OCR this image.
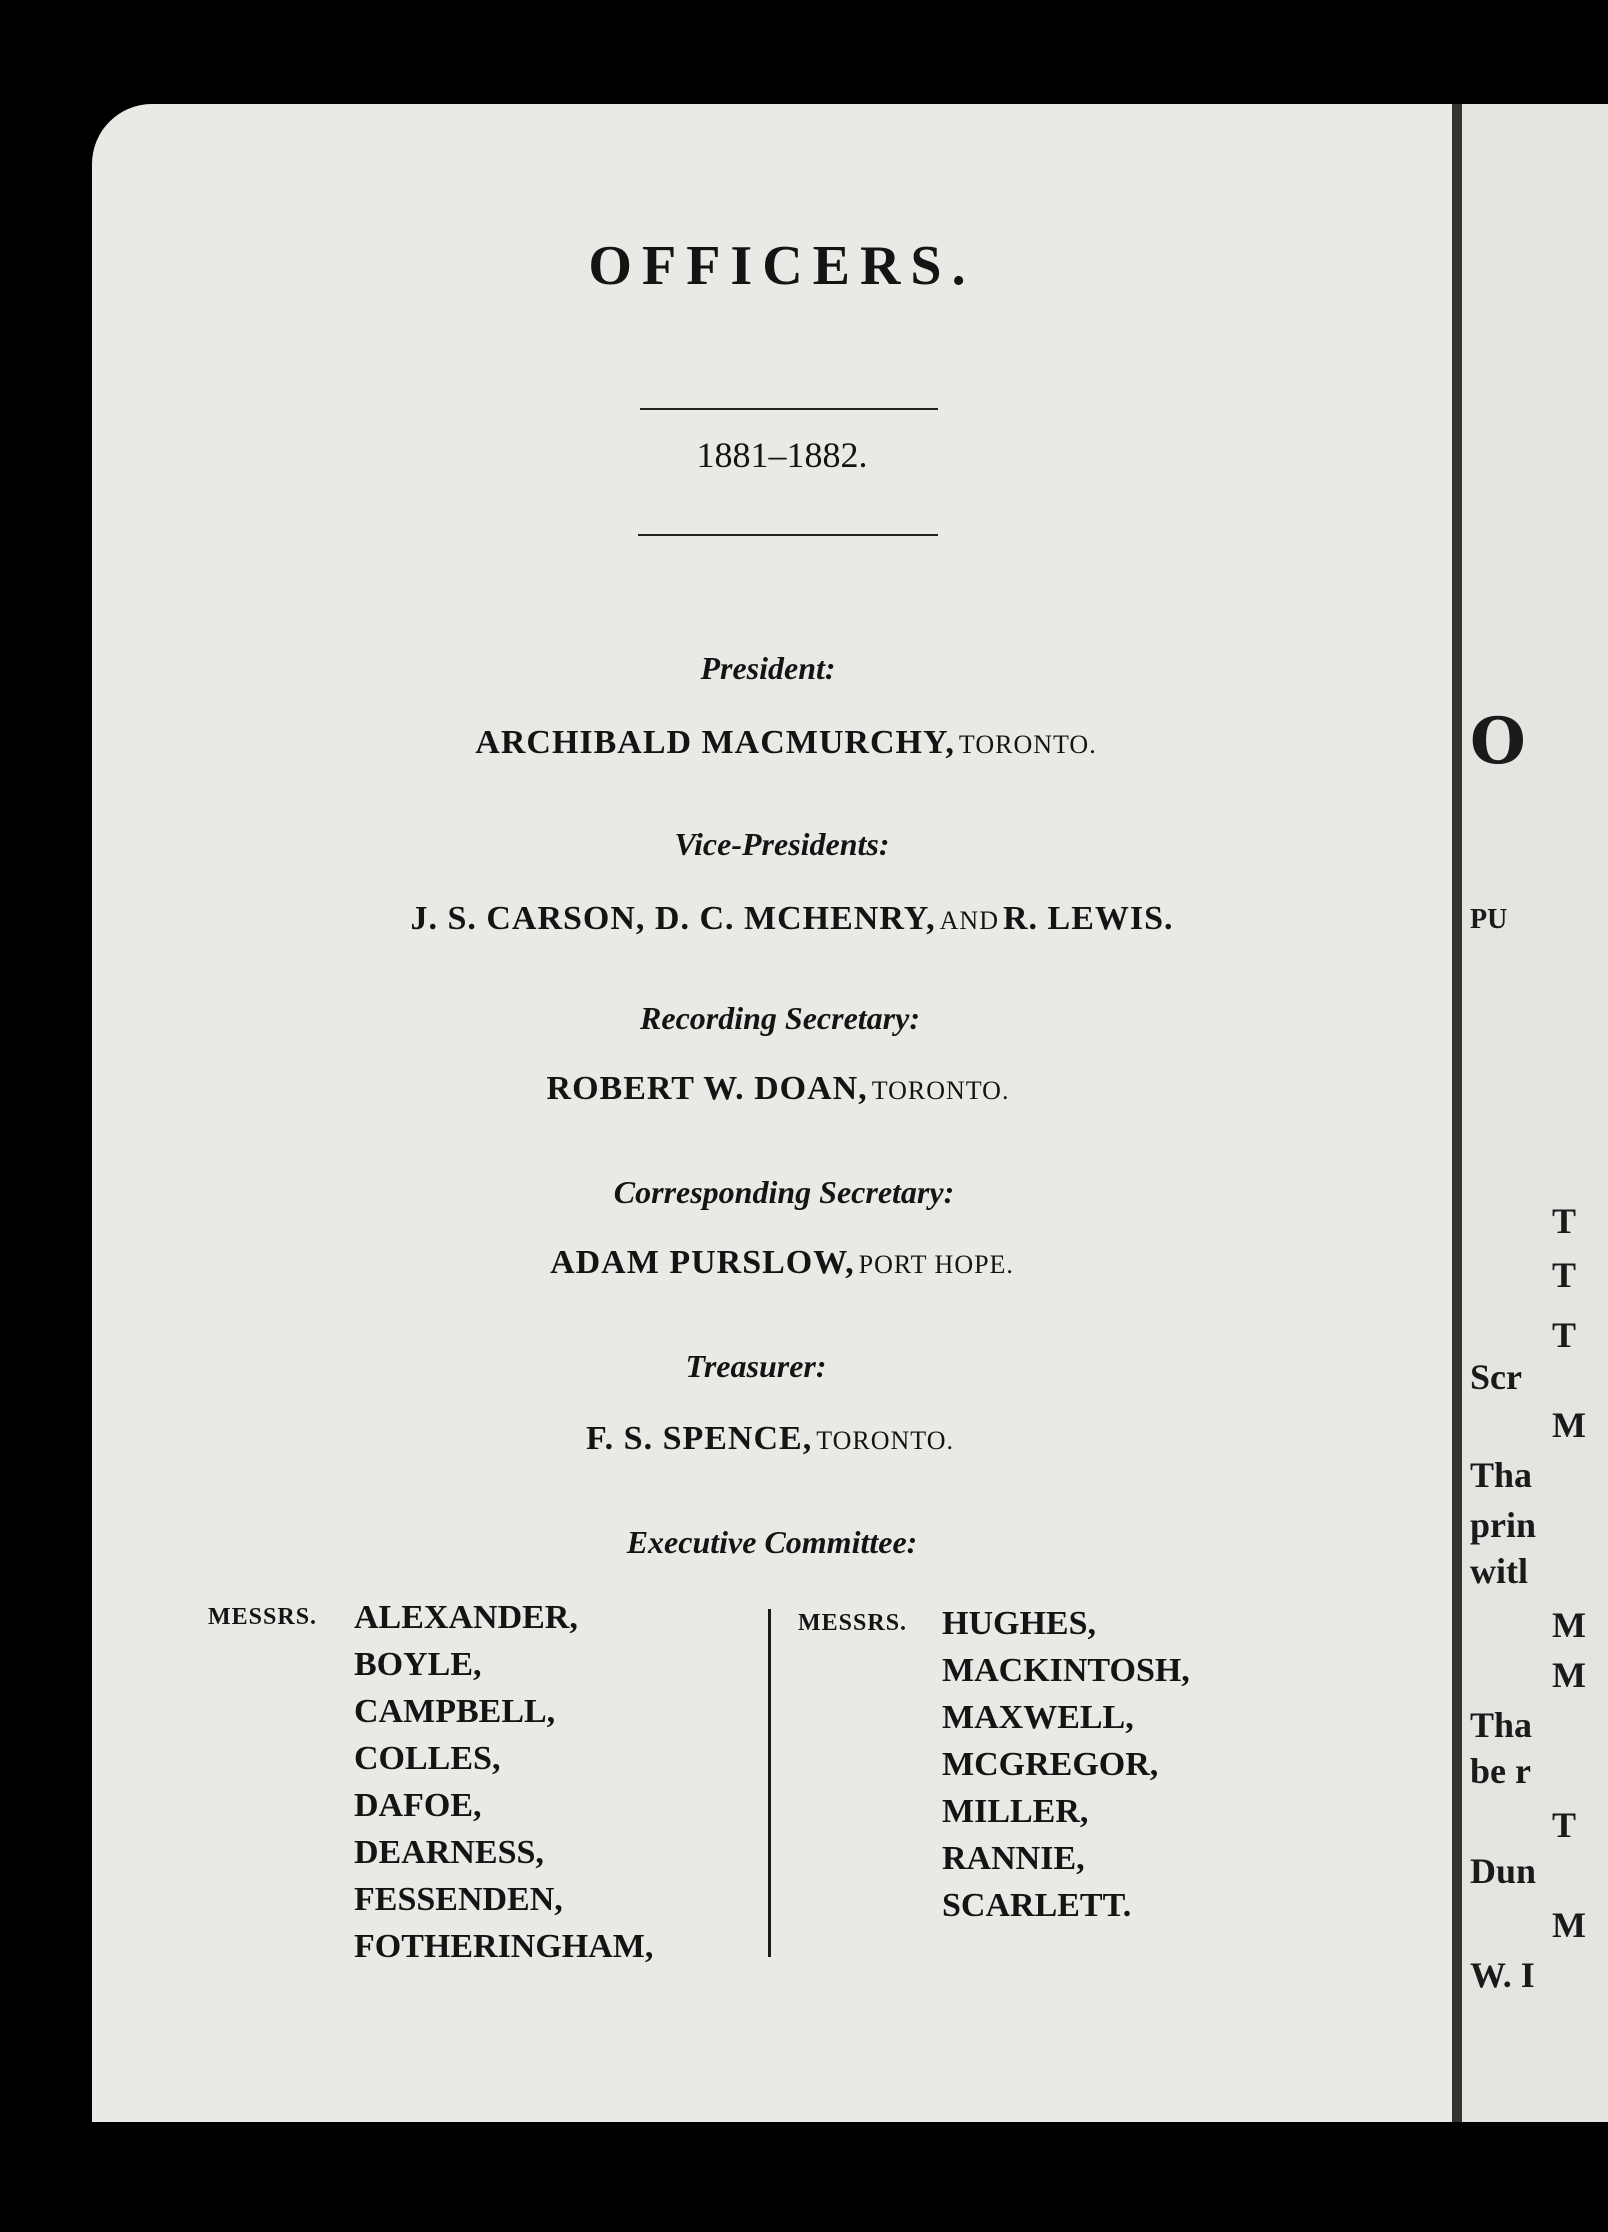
OFFICERS.
1881–1882.
President:
ARCHIBALD MACMURCHY, TORONTO.
Vice-Presidents:
J. S. CARSON, D. C. MCHENRY, AND R. LEWIS.
Recording Secretary:
ROBERT W. DOAN, TORONTO.
Corresponding Secretary:
ADAM PURSLOW, PORT HOPE.
Treasurer:
F. S. SPENCE, TORONTO.
Executive Committee:
MESSRS. ALEXANDER,
BOYLE,
CAMPBELL,
COLLES,
DAFOE,
DEARNESS,
FESSENDEN,
FOTHERINGHAM,
MESSRS. HUGHES,
MACKINTOSH,
MAXWELL,
MCGREGOR,
MILLER,
RANNIE,
SCARLETT.
O
PU
T
T
T
Scr
M
Tha
prin
witl
M
M
Tha
be r
T
Dun
M
W. I
